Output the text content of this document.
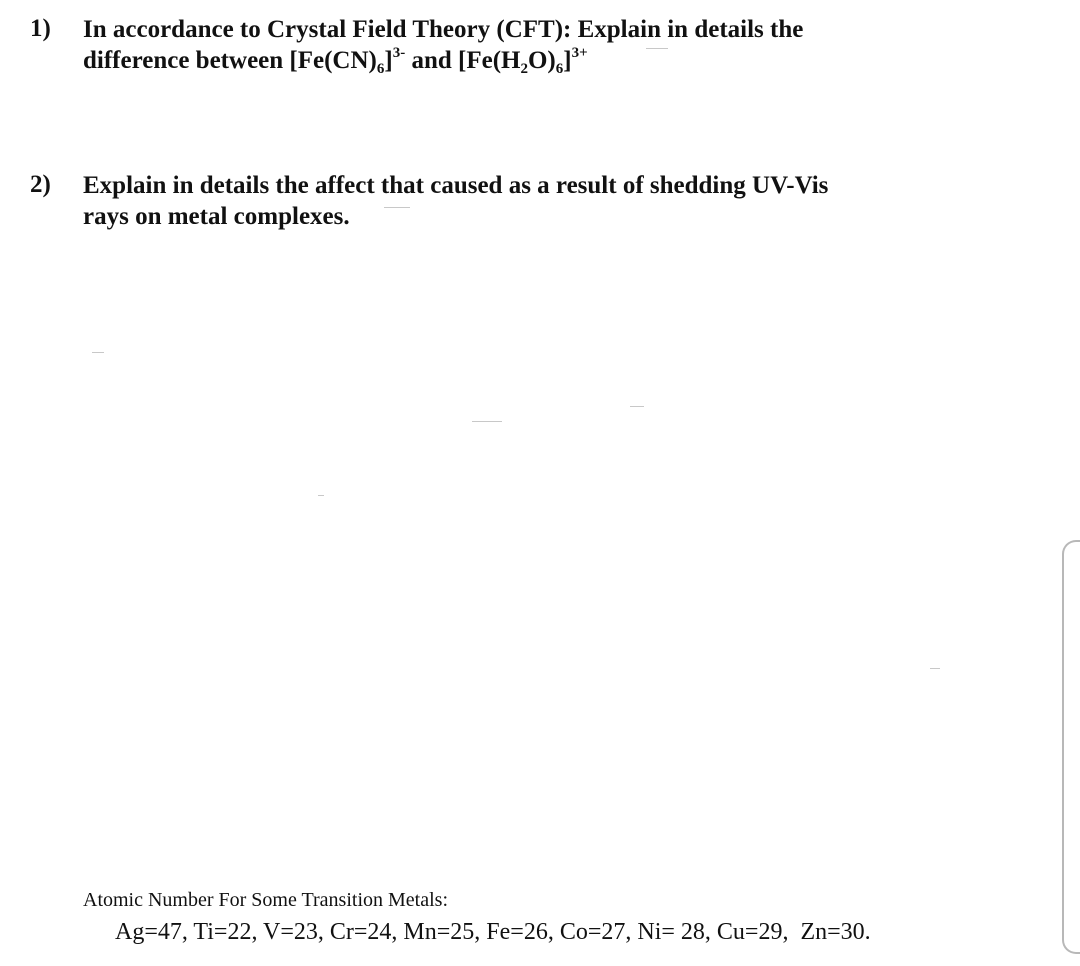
1) In accordance to Crystal Field Theory (CFT): Explain in details the
difference between $[Fe(CN)_6]^{3-}$ and $[Fe(H_2O)_6]^{3+}$
2) Explain in details the affect that caused as a result of shedding UV-Vis
rays on metal complexes.

Atomic Number For Some Transition Metals:

Ag=47, Ti=22, V=23, Cr=24, Mn=25, Fe=26, Co=27, Ni= 28, Cu=29,  Zn=30.
